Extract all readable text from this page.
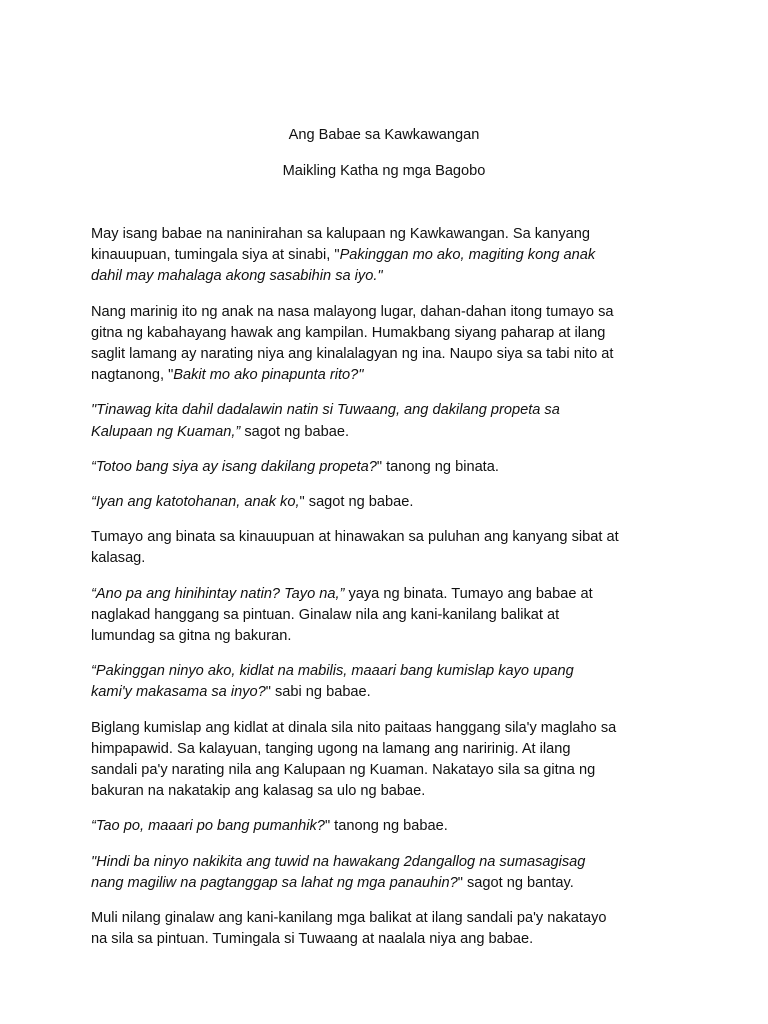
Ang Babae sa Kawkawangan
Maikling Katha ng mga Bagobo

May isang babae na naninirahan sa kalupaan ng Kawkawangan. Sa kanyang
kinauupuan, tumingala siya at sinabi, "Pakinggan mo ako, magiting kong anak
dahil may mahalaga akong sasabihin sa iyo."

Nang marinig ito ng anak na nasa malayong lugar, dahan-dahan itong tumayo sa
gitna ng kabahayang hawak ang kampilan. Humakbang siyang paharap at ilang
saglit lamang ay narating niya ang kinalalagyan ng ina. Naupo siya sa tabi nito at
nagtanong, "Bakit mo ako pinapunta rito?"

"Tinawag kita dahil dadalawin natin si Tuwaang, ang dakilang propeta sa
Kalupaan ng Kuaman,” sagot ng babae.

“Totoo bang siya ay isang dakilang propeta?" tanong ng binata.

“Iyan ang katotohanan, anak ko," sagot ng babae.

Tumayo ang binata sa kinauupuan at hinawakan sa puluhan ang kanyang sibat at
kalasag.

“Ano pa ang hinihintay natin? Tayo na,” yaya ng binata. Tumayo ang babae at
naglakad hanggang sa pintuan. Ginalaw nila ang kani-kanilang balikat at
lumundag sa gitna ng bakuran.

“Pakinggan ninyo ako, kidlat na mabilis, maaari bang kumislap kayo upang
kami'y makasama sa inyo?" sabi ng babae.

Biglang kumislap ang kidlat at dinala sila nito paitaas hanggang sila'y maglaho sa
himpapawid. Sa kalayuan, tanging ugong na lamang ang naririnig. At ilang
sandali pa'y narating nila ang Kalupaan ng Kuaman. Nakatayo sila sa gitna ng
bakuran na nakatakip ang kalasag sa ulo ng babae.

“Tao po, maaari po bang pumanhik?" tanong ng babae.

"Hindi ba ninyo nakikita ang tuwid na hawakang 2dangallog na sumasagisag
nang magiliw na pagtanggap sa lahat ng mga panauhin?" sagot ng bantay.

Muli nilang ginalaw ang kani-kanilang mga balikat at ilang sandali pa'y nakatayo
na sila sa pintuan. Tumingala si Tuwaang at naalala niya ang babae.
